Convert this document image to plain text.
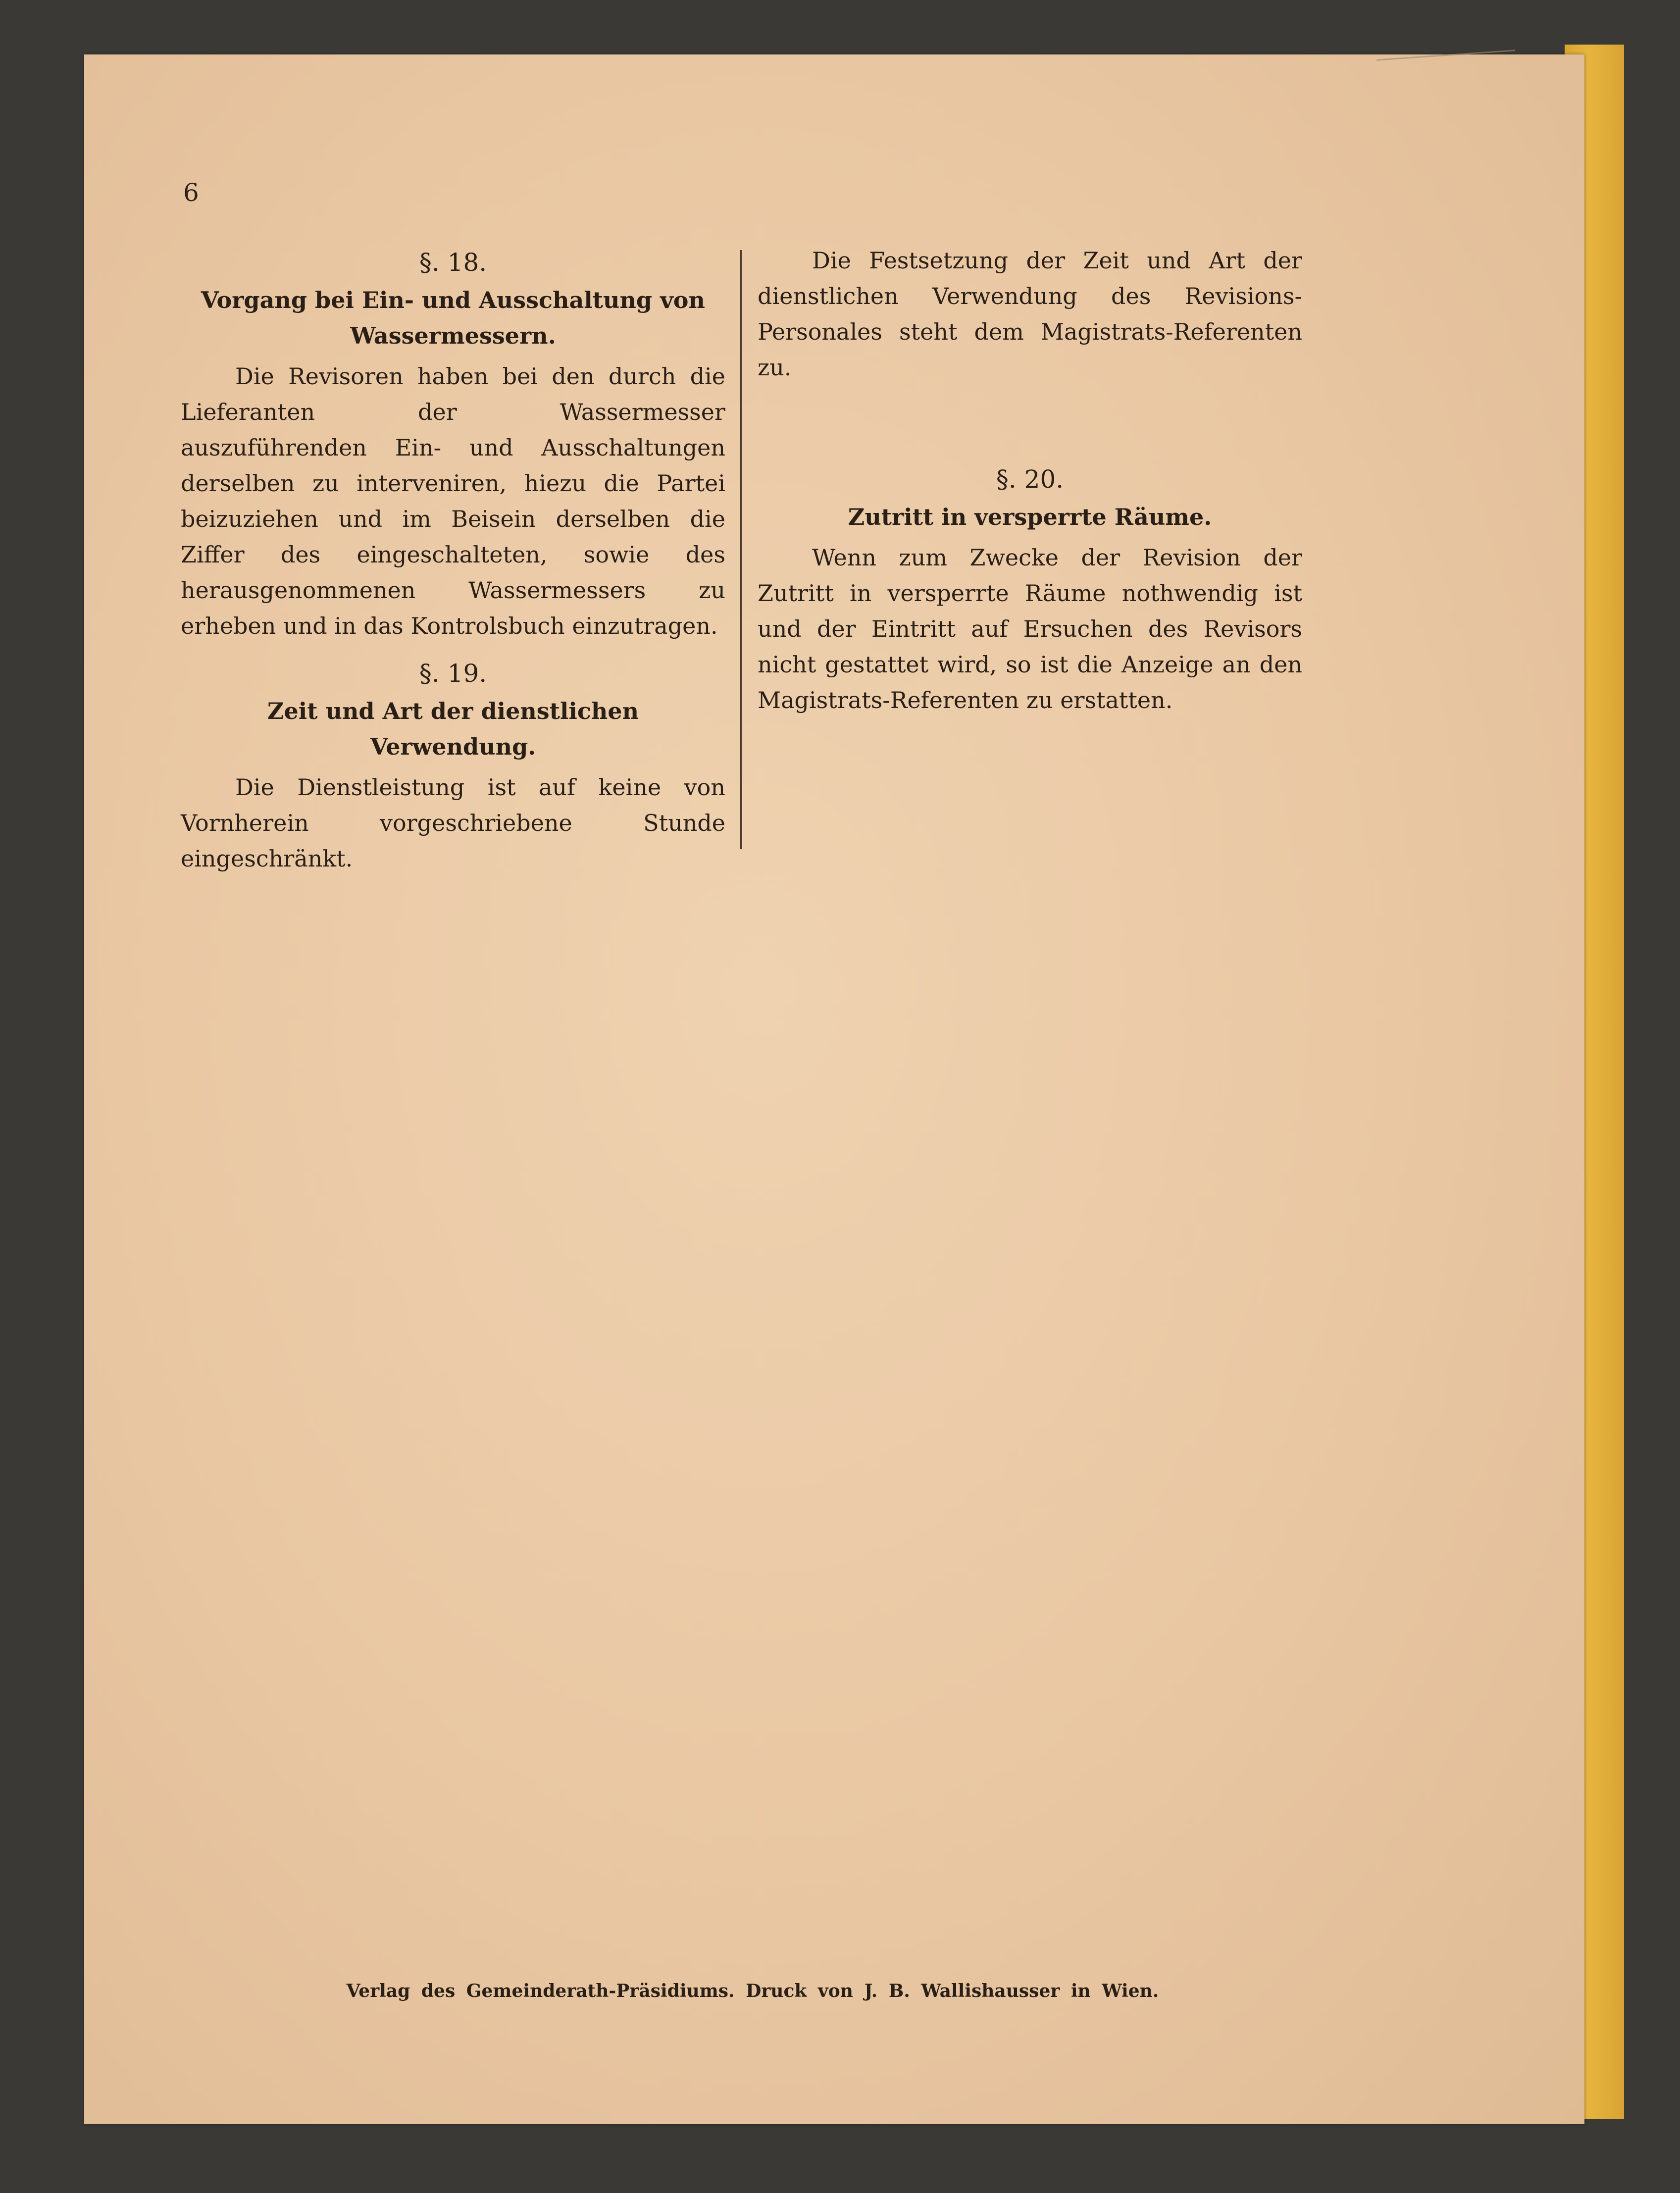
6

§. 18.

Vorgang bei Ein- und Ausschaltung von Wassermessern.

Die Revisoren haben bei den durch die Lieferanten der Wassermesser auszuführenden Ein- und Ausschaltungen derselben zu interveniren, hiezu die Partei beizuziehen und im Beisein derselben die Ziffer des eingeschalteten, sowie des herausgenommenen Wassermessers zu erheben und in das Kontrolsbuch einzutragen.

§. 19.

Zeit und Art der dienstlichen Verwendung.

Die Dienstleistung ist auf keine von Vornherein vorgeschriebene Stunde eingeschränkt.

Die Festsetzung der Zeit und Art der dienstlichen Verwendung des Revisions-Personales steht dem Magistrats-Referenten zu.

§. 20.

Zutritt in versperrte Räume.

Wenn zum Zwecke der Revision der Zutritt in versperrte Räume nothwendig ist und der Eintritt auf Ersuchen des Revisors nicht gestattet wird, so ist die Anzeige an den Magistrats-Referenten zu erstatten.

Verlag des Gemeinderath-Präsidiums. Druck von J. B. Wallishausser in Wien.
